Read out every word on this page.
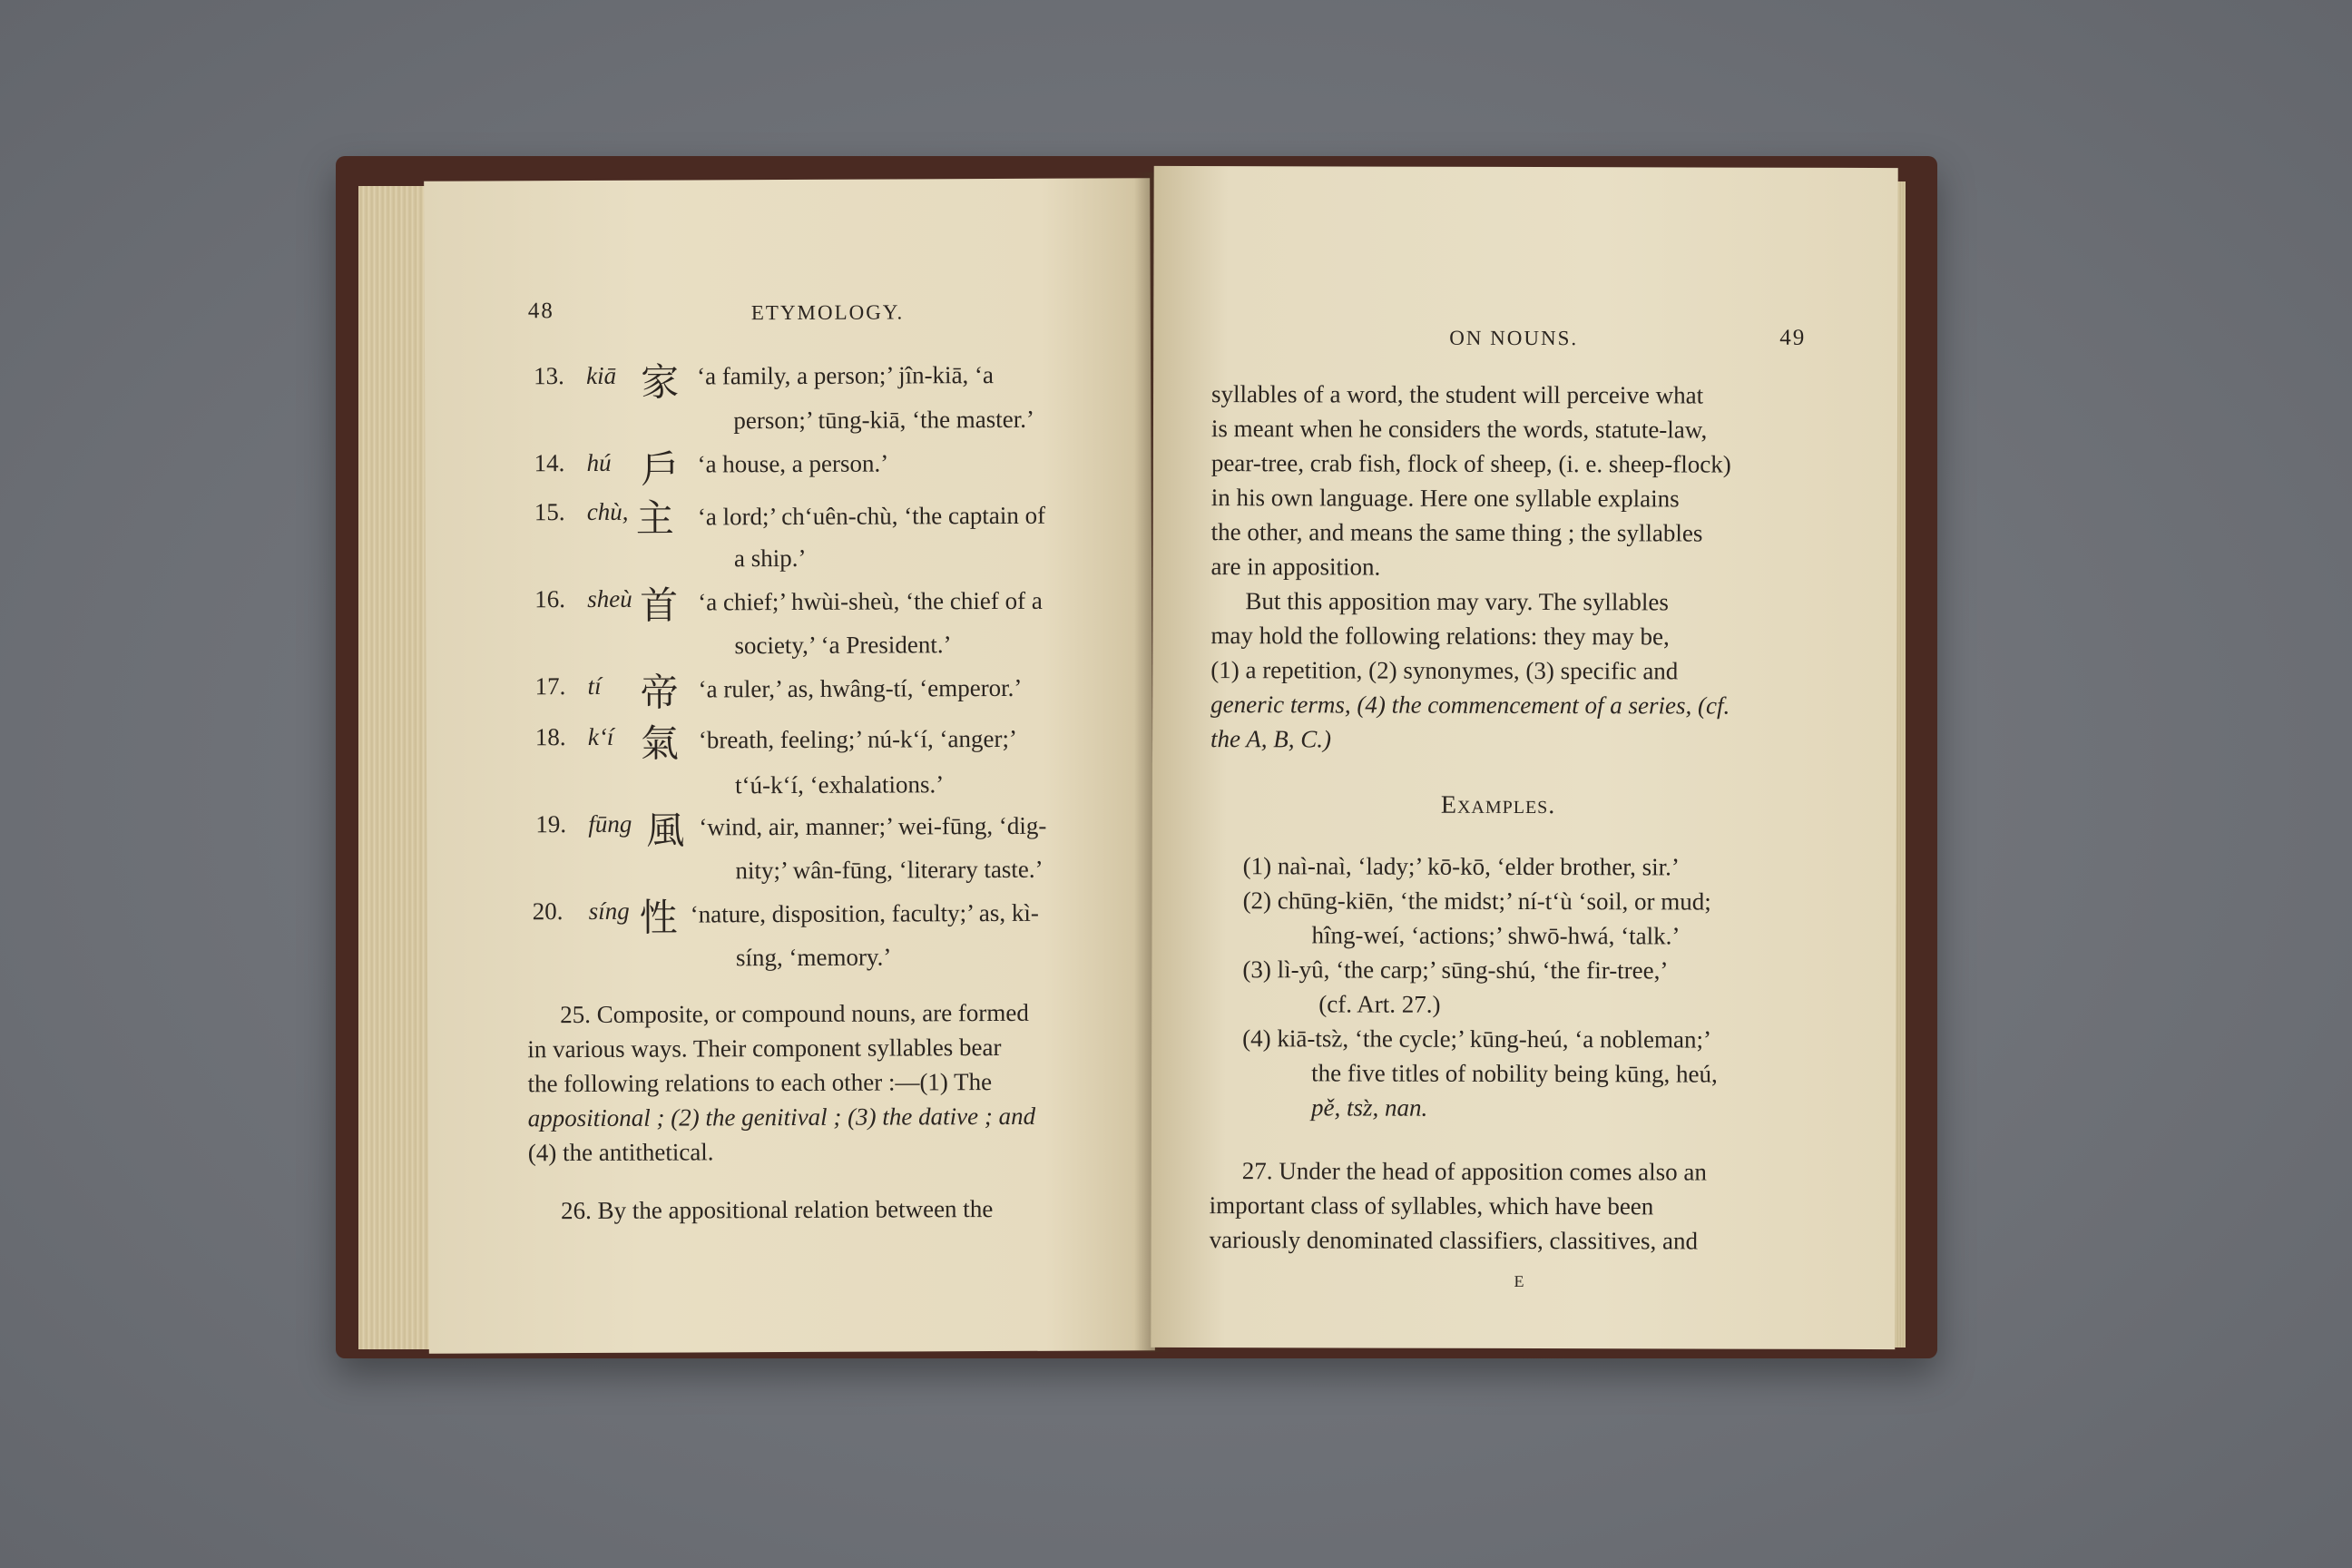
48	ETYMOLOGY.
13. kiā 家 ‘a family, a person;’ jîn-kiā, ‘a
person;’ tūng-kiā, ‘the master.’
14. hú 戶 ‘a house, a person.’
15. chù, 主 ‘a lord;’ ch‘uên-chù, ‘the captain of
a ship.’
16. sheù 首 ‘a chief;’ hwùi-sheù, ‘the chief of a
society,’ ‘a President.’
17. tí 帝 ‘a ruler,’ as, hwâng-tí, ‘emperor.’
18. k‘í 氣 ‘breath, feeling;’ nú-k‘í, ‘anger;’
t‘ú-k‘í, ‘exhalations.’
19. fūng 風 ‘wind, air, manner;’ wei-fūng, ‘dig-
nity;’ wân-fūng, ‘literary taste.’
20. síng 性 ‘nature, disposition, faculty;’ as, kì-
síng, ‘memory.’
25. Composite, or compound nouns, are formed
in various ways. Their component syllables bear
the following relations to each other :—(1) The
appositional ; (2) the genitival ; (3) the dative ; and
(4) the antithetical.
26. By the appositional relation between the
ON NOUNS.	49
syllables of a word, the student will perceive what
is meant when he considers the words, statute-law,
pear-tree, crab fish, flock of sheep, (i. e. sheep-flock)
in his own language. Here one syllable explains
the other, and means the same thing ; the syllables
are in apposition.
But this apposition may vary. The syllables
may hold the following relations: they may be,
(1) a repetition, (2) synonymes, (3) specific and
generic terms, (4) the commencement of a series, (cf.
the A, B, C.)
Examples.
(1) naì-naì, ‘lady;’ kō-kō, ‘elder brother, sir.’
(2) chūng-kiēn, ‘the midst;’ ní-t‘ù ‘soil, or mud;
hîng-weí, ‘actions;’ shwō-hwá, ‘talk.’
(3) lì-yû, ‘the carp;’ sūng-shú, ‘the fir-tree,’
(cf. Art. 27.)
(4) kiā-tsz̀, ‘the cycle;’ kūng-heú, ‘a nobleman;’
the five titles of nobility being kūng, heú,
pě, tsz̀, nan.
27. Under the head of apposition comes also an
important class of syllables, which have been
variously denominated classifiers, classitives, and
E
